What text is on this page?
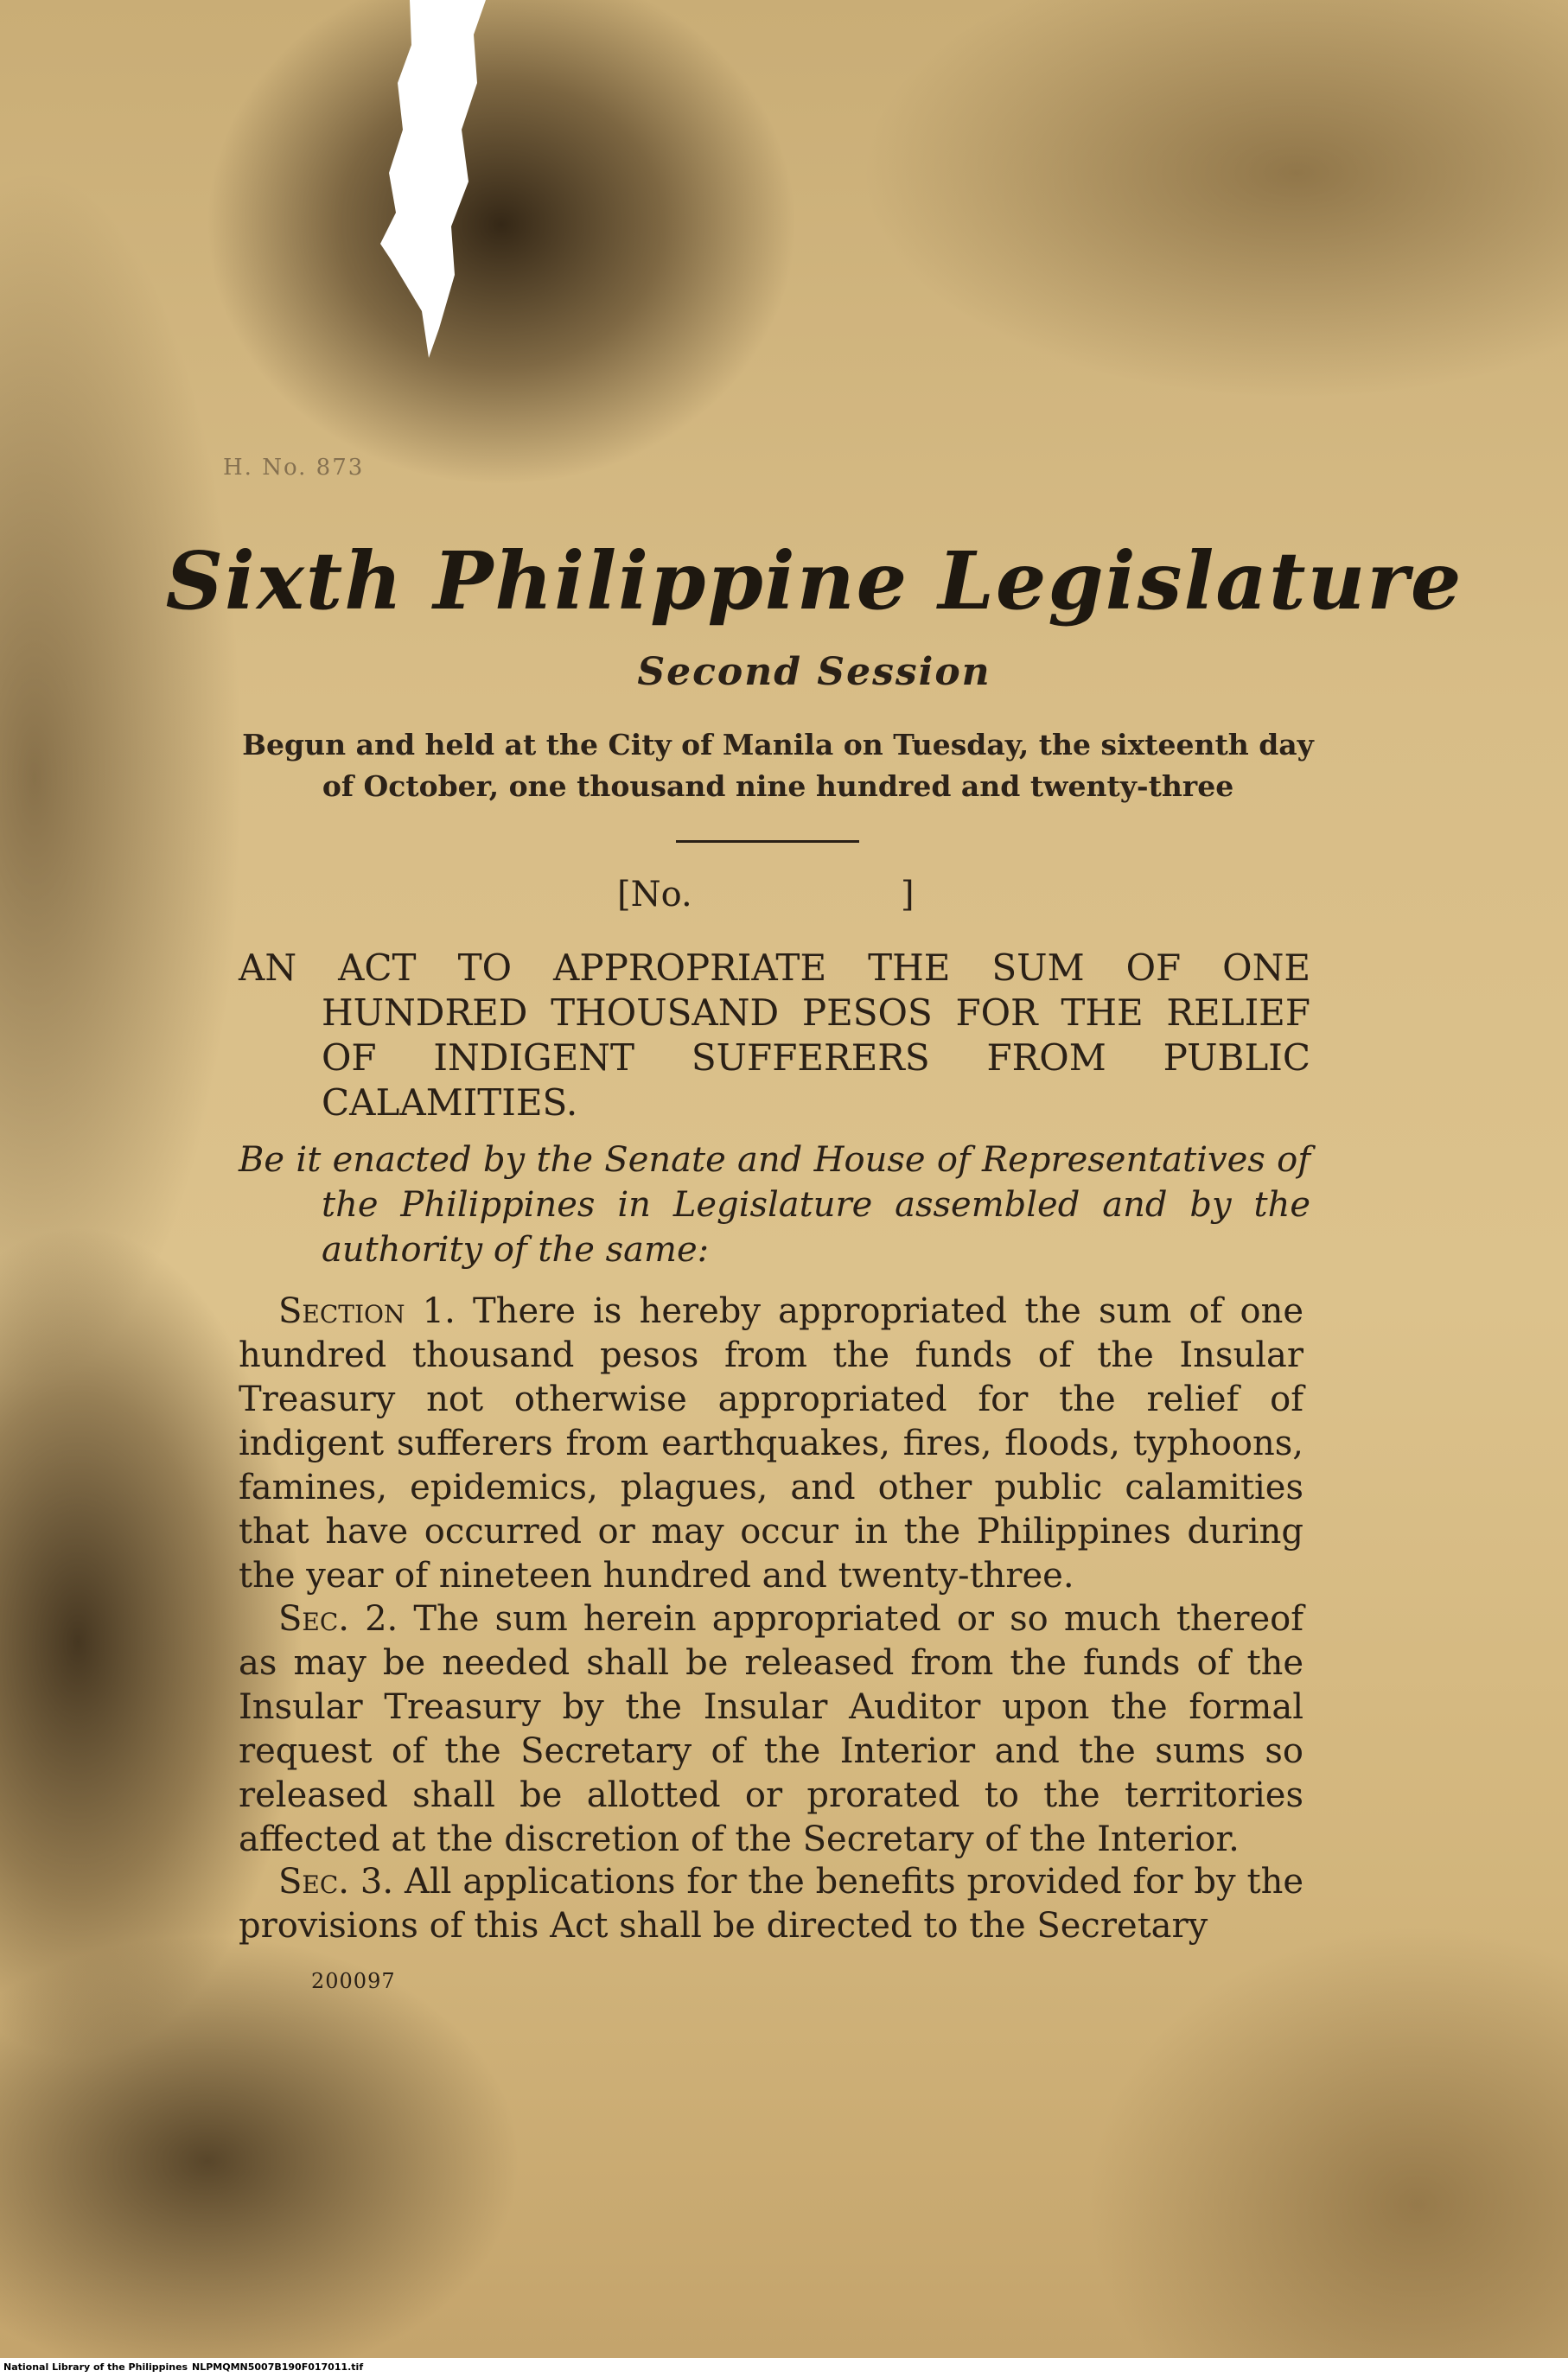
H. No. 873
Sixth Philippine Legislature
Second Session
Begun and held at the City of Manila on Tuesday, the sixteenth day of October, one thousand nine hundred and twenty-three
[No.	]
AN ACT TO APPROPRIATE THE SUM OF ONE HUNDRED THOUSAND PESOS FOR THE RELIEF OF INDIGENT SUFFERERS FROM PUBLIC CALAMITIES.
Be it enacted by the Senate and House of Representatives of the Philippines in Legislature assembled and by the authority of the same:
Section 1. There is hereby appropriated the sum of one hundred thousand pesos from the funds of the Insular Treasury not otherwise appropriated for the relief of indigent sufferers from earthquakes, fires, floods, typhoons, famines, epidemics, plagues, and other public calamities that have occurred or may occur in the Philippines during the year of nineteen hundred and twenty-three.
Sec. 2. The sum herein appropriated or so much thereof as may be needed shall be released from the funds of the Insular Treasury by the Insular Auditor upon the formal request of the Secretary of the Interior and the sums so released shall be allotted or prorated to the territories affected at the discretion of the Secretary of the Interior.
Sec. 3. All applications for the benefits provided for by the provisions of this Act shall be directed to the Secretary
200097
National Library of the Philippines NLPMQMN5007B190F017011.tif
